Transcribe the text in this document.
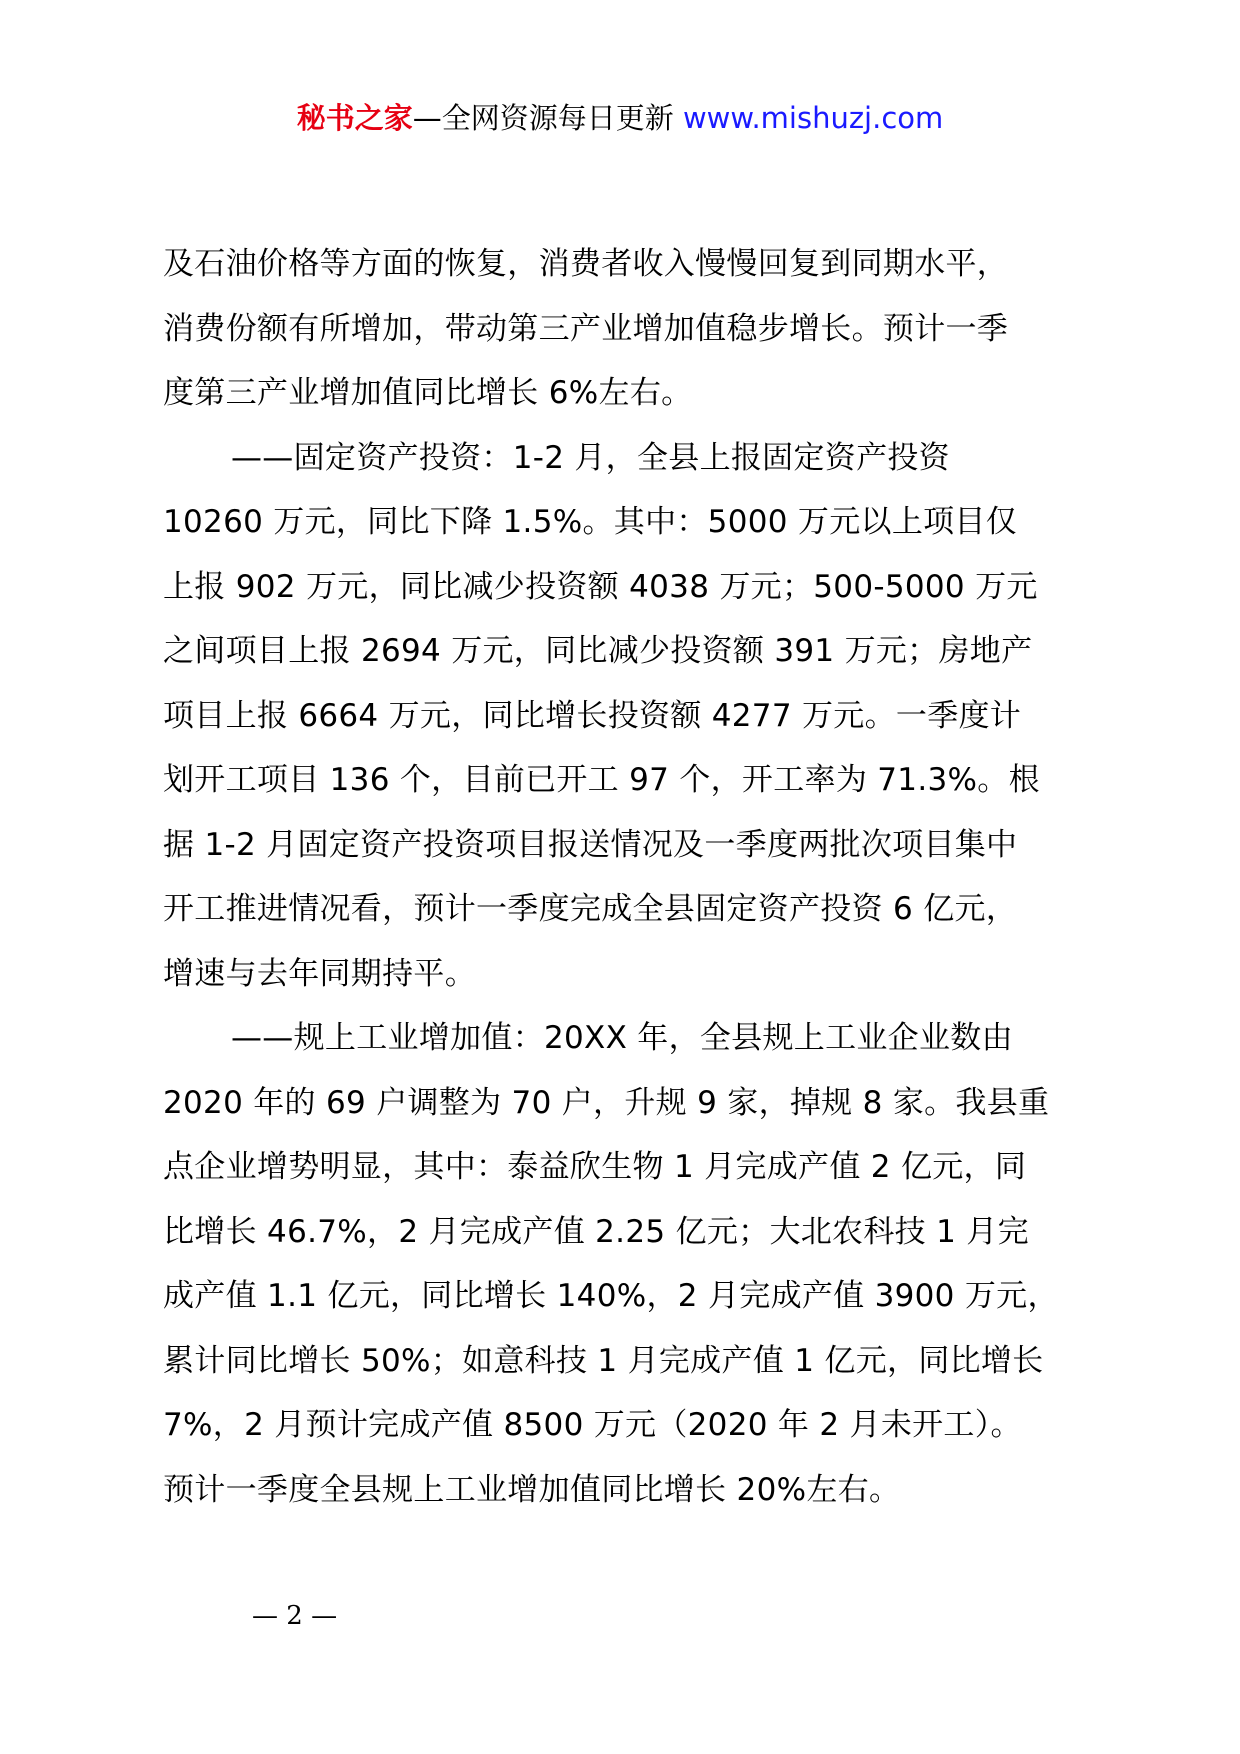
秘书之家—全网资源每日更新 www.mishuzj.com
及石油价格等方面的恢复，消费者收入慢慢回复到同期水平，
消费份额有所增加，带动第三产业增加值稳步增长。预计一季
度第三产业增加值同比增长 6%左右。
——固定资产投资：1-2 月，全县上报固定资产投资
10260 万元，同比下降 1.5%。其中：5000 万元以上项目仅
上报 902 万元，同比减少投资额 4038 万元；500-5000 万元
之间项目上报 2694 万元，同比减少投资额 391 万元；房地产
项目上报 6664 万元，同比增长投资额 4277 万元。一季度计
划开工项目 136 个，目前已开工 97 个，开工率为 71.3%。根
据 1-2 月固定资产投资项目报送情况及一季度两批次项目集中
开工推进情况看，预计一季度完成全县固定资产投资 6 亿元，
增速与去年同期持平。
——规上工业增加值：20XX 年，全县规上工业企业数由
2020 年的 69 户调整为 70 户，升规 9 家，掉规 8 家。我县重
点企业增势明显，其中：泰益欣生物 1 月完成产值 2 亿元，同
比增长 46.7%，2 月完成产值 2.25 亿元；大北农科技 1 月完
成产值 1.1 亿元，同比增长 140%，2 月完成产值 3900 万元，
累计同比增长 50%；如意科技 1 月完成产值 1 亿元，同比增长
7%，2 月预计完成产值 8500 万元（2020 年 2 月未开工）。
预计一季度全县规上工业增加值同比增长 20%左右。
— 2 —
